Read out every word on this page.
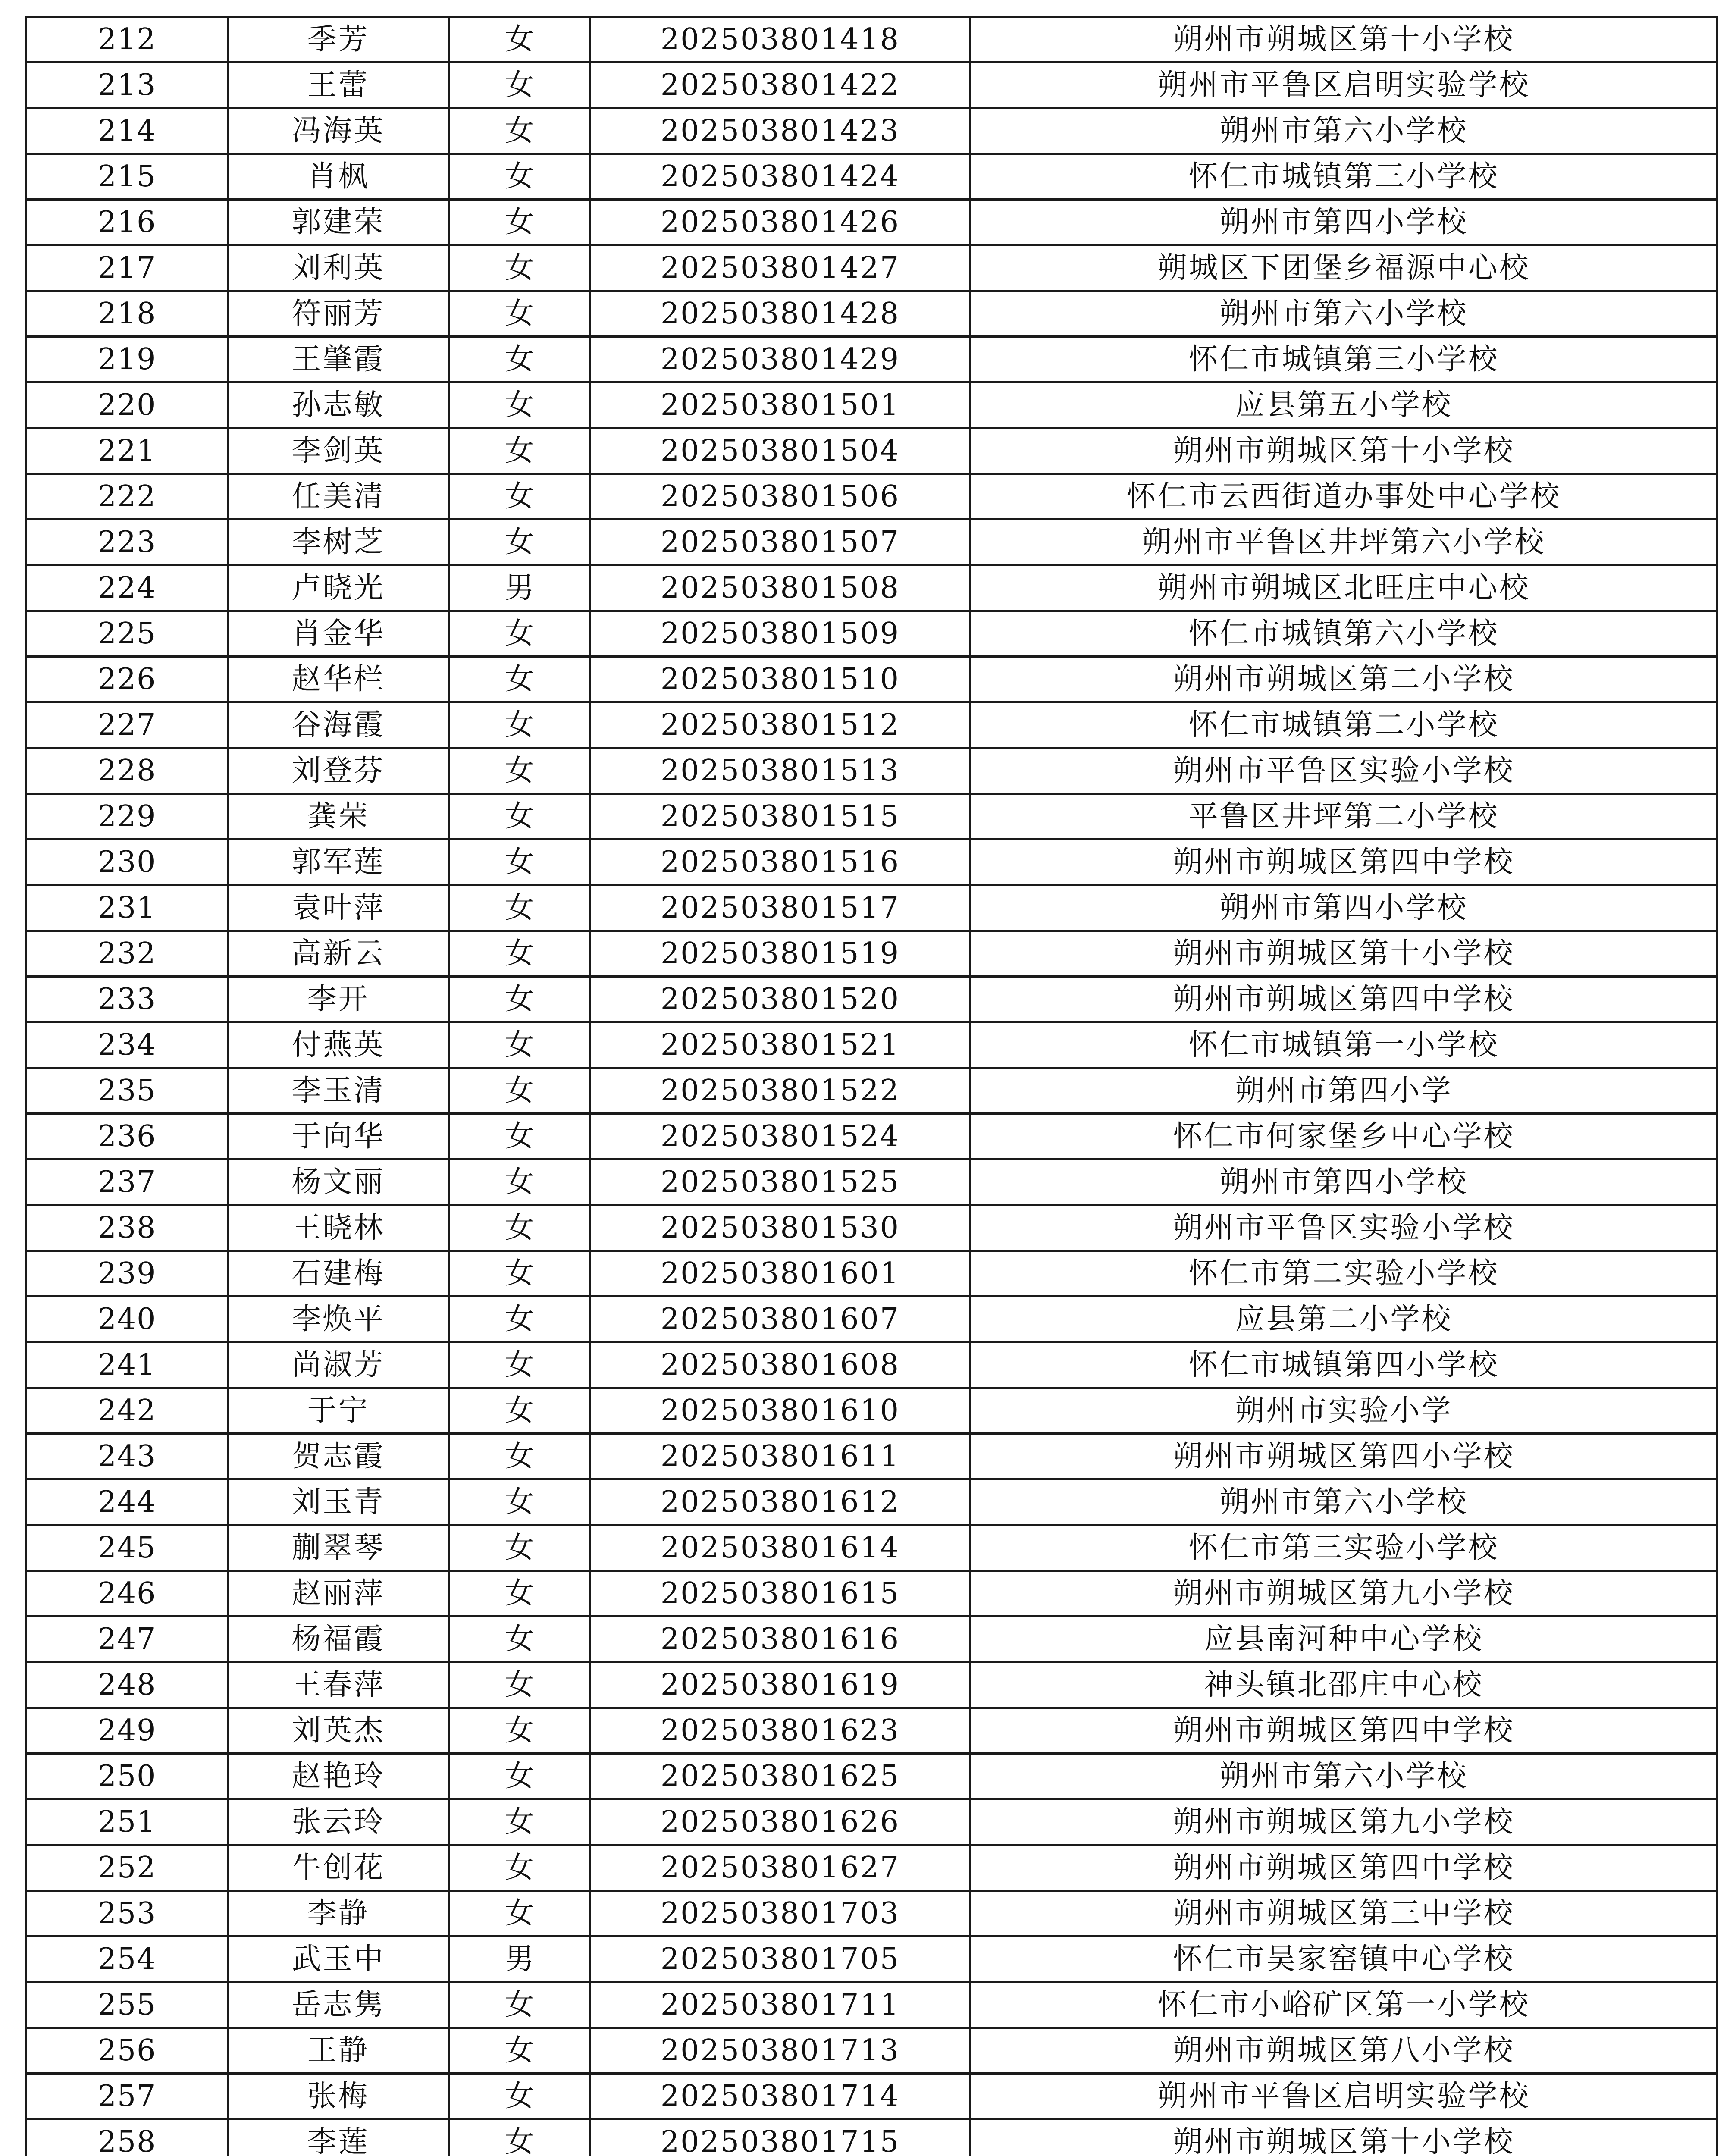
212	季芳	女	202503801418	朔州市朔城区第十小学校
213	王蕾	女	202503801422	朔州市平鲁区启明实验学校
214	冯海英	女	202503801423	朔州市第六小学校
215	肖枫	女	202503801424	怀仁市城镇第三小学校
216	郭建荣	女	202503801426	朔州市第四小学校
217	刘利英	女	202503801427	朔城区下团堡乡福源中心校
218	符丽芳	女	202503801428	朔州市第六小学校
219	王肇霞	女	202503801429	怀仁市城镇第三小学校
220	孙志敏	女	202503801501	应县第五小学校
221	李剑英	女	202503801504	朔州市朔城区第十小学校
222	任美清	女	202503801506	怀仁市云西街道办事处中心学校
223	李树芝	女	202503801507	朔州市平鲁区井坪第六小学校
224	卢晓光	男	202503801508	朔州市朔城区北旺庄中心校
225	肖金华	女	202503801509	怀仁市城镇第六小学校
226	赵华栏	女	202503801510	朔州市朔城区第二小学校
227	谷海霞	女	202503801512	怀仁市城镇第二小学校
228	刘登芬	女	202503801513	朔州市平鲁区实验小学校
229	龚荣	女	202503801515	平鲁区井坪第二小学校
230	郭军莲	女	202503801516	朔州市朔城区第四中学校
231	袁叶萍	女	202503801517	朔州市第四小学校
232	高新云	女	202503801519	朔州市朔城区第十小学校
233	李开	女	202503801520	朔州市朔城区第四中学校
234	付燕英	女	202503801521	怀仁市城镇第一小学校
235	李玉清	女	202503801522	朔州市第四小学
236	于向华	女	202503801524	怀仁市何家堡乡中心学校
237	杨文丽	女	202503801525	朔州市第四小学校
238	王晓林	女	202503801530	朔州市平鲁区实验小学校
239	石建梅	女	202503801601	怀仁市第二实验小学校
240	李焕平	女	202503801607	应县第二小学校
241	尚淑芳	女	202503801608	怀仁市城镇第四小学校
242	于宁	女	202503801610	朔州市实验小学
243	贺志霞	女	202503801611	朔州市朔城区第四小学校
244	刘玉青	女	202503801612	朔州市第六小学校
245	蒯翠琴	女	202503801614	怀仁市第三实验小学校
246	赵丽萍	女	202503801615	朔州市朔城区第九小学校
247	杨福霞	女	202503801616	应县南河种中心学校
248	王春萍	女	202503801619	神头镇北邵庄中心校
249	刘英杰	女	202503801623	朔州市朔城区第四中学校
250	赵艳玲	女	202503801625	朔州市第六小学校
251	张云玲	女	202503801626	朔州市朔城区第九小学校
252	牛创花	女	202503801627	朔州市朔城区第四中学校
253	李静	女	202503801703	朔州市朔城区第三中学校
254	武玉中	男	202503801705	怀仁市吴家窑镇中心学校
255	岳志隽	女	202503801711	怀仁市小峪矿区第一小学校
256	王静	女	202503801713	朔州市朔城区第八小学校
257	张梅	女	202503801714	朔州市平鲁区启明实验学校
258	李莲	女	202503801715	朔州市朔城区第十小学校
